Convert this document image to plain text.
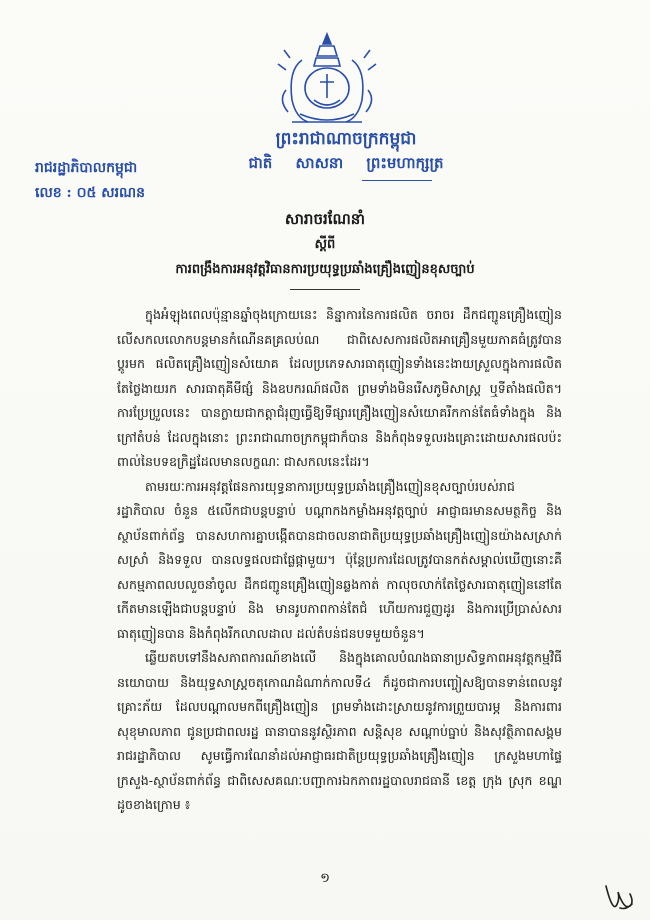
ព្រះរាជាណាចក្រកម្ពុជា
ជាតិ សាសនា ព្រះមហាក្សត្រ
រាជរដ្ឋាភិបាលកម្ពុជា
លេខ : ០៥ សរណន
សារាចរណែនាំ
ស្តីពី
ការពង្រឹងការអនុវត្តវិធានការប្រយុទ្ធប្រឆាំងគ្រឿងញៀនខុសច្បាប់

ក្នុងអំឡុងពេលប៉ុន្មានឆ្នាំចុងក្រោយនេះ និន្នាការនៃការផលិត ចរាចរ ដឹកជញ្ជូនគ្រឿងញៀន លើសកលលោកបន្តមានកំណើនគគ្រលប់ណ ជាពិសេសការផលិតអាគ្រឿនមួយភាគធំត្រូវបានប្តូរមក ផលិតគ្រឿងញៀនសំយោគ ដែលប្រភេទសារធាតុញៀនទាំងនេះងាយស្រួលក្នុងការផលិត តែថ្លៃងាយរក សារធាតុគីមីផ្សំ និងឧបករណ៍ផលិត ព្រមទាំងមិនរើសភូមិសាស្ត្រ ឬទីតាំងផលិត។ ការប្រែប្រួលនេះ បានក្លាយជាកត្តាជំរុញធ្វើឱ្យទីផ្សារគ្រឿងញៀនសំយោគរីកកាន់តែធំទាំងក្នុង និងក្រៅតំបន់ ដែលក្នុងនោះ ព្រះរាជាណាចក្រកម្ពុជាក៏បាន និងកំពុងទទួលរងគ្រោះដោយសារផលប៉ះពាល់នៃបទឧក្រិដ្ឋដែលមានលក្ខណៈ ជាសកលនេះដែរ។

តាមរយៈការអនុវត្តផែនការយុទ្ធនាការប្រយុទ្ធប្រឆាំងគ្រឿងញៀនខុសច្បាប់របស់រាជរដ្ឋាភិបាល ចំនួន ៥លើកជាបន្តបន្ទាប់ បណ្តាកងកម្លាំងអនុវត្តច្បាប់ អាជ្ញាធរមានសមត្ថកិច្ច និងស្ថាប័នពាក់ព័ន្ធ បានសហការគ្នាបង្កើតបានជាចលនាជាតិប្រយុទ្ធប្រឆាំងគ្រឿងញៀនយ៉ាងសស្រាក់សស្រាំ និងទទួល បានលទ្ធផលជាផ្លែផ្កាមួយ។ ប៉ុន្តែប្រការដែលត្រូវបានកត់សម្គាល់ឃើញនោះគឺ សកម្មភាពលបលួចនាំចូល ដឹកជញ្ជូនគ្រឿងញៀនឆ្លងកាត់ កាលុចលាក់តែថ្លៃសារធាតុញៀននៅតែកើតមានឡើងជាបន្តបន្ទាប់ និង មានរូបភាពកាន់តែជំ ហើយការជួញដូរ និងការប្រើប្រាស់សារធាតុញៀនបាន និងកំពុងរីកលាលដាល ដល់តំបន់ជនបទមួយចំនួន។

ឆ្លើយតបទៅនឹងសភាពការណ៍ខាងលើ និងក្នុងគោលបំណងធានាប្រសិទ្ធភាពអនុវត្តកម្មវិធី នយោបាយ និងយុទ្ធសាស្ត្រចតុកោណដំណាក់កាលទី៤ ក៏ដូចជាការបញ្ចៀសឱ្យបានទាន់ពេលនូវគ្រោះភ័យ ដែលបណ្តាលមកពីគ្រឿងញៀន ព្រមទាំងដោះស្រាយនូវការព្រួយបារម្ភ និងការពារសុខុមាលភាព ជូនប្រជាពលរដ្ឋ ធានាបាននូវស្ថិរភាព សន្តិសុខ សណ្តាប់ធ្នាប់ និងសុវត្ថិភាពសង្គម រាជរដ្ឋាភិបាល សូមធ្វើការណែនាំដល់អាជ្ញាធរជាតិប្រយុទ្ធប្រឆាំងគ្រឿងញៀន ក្រសួងមហាផ្ទៃ ក្រសួង-ស្ថាប័នពាក់ព័ន្ធ ជាពិសេសគណៈបញ្ជាការឯកភាពរដ្ឋបាលរាជធានី ខេត្ត ក្រុង ស្រុក ខណ្ឌ ដូចខាងក្រោម ៖

១
